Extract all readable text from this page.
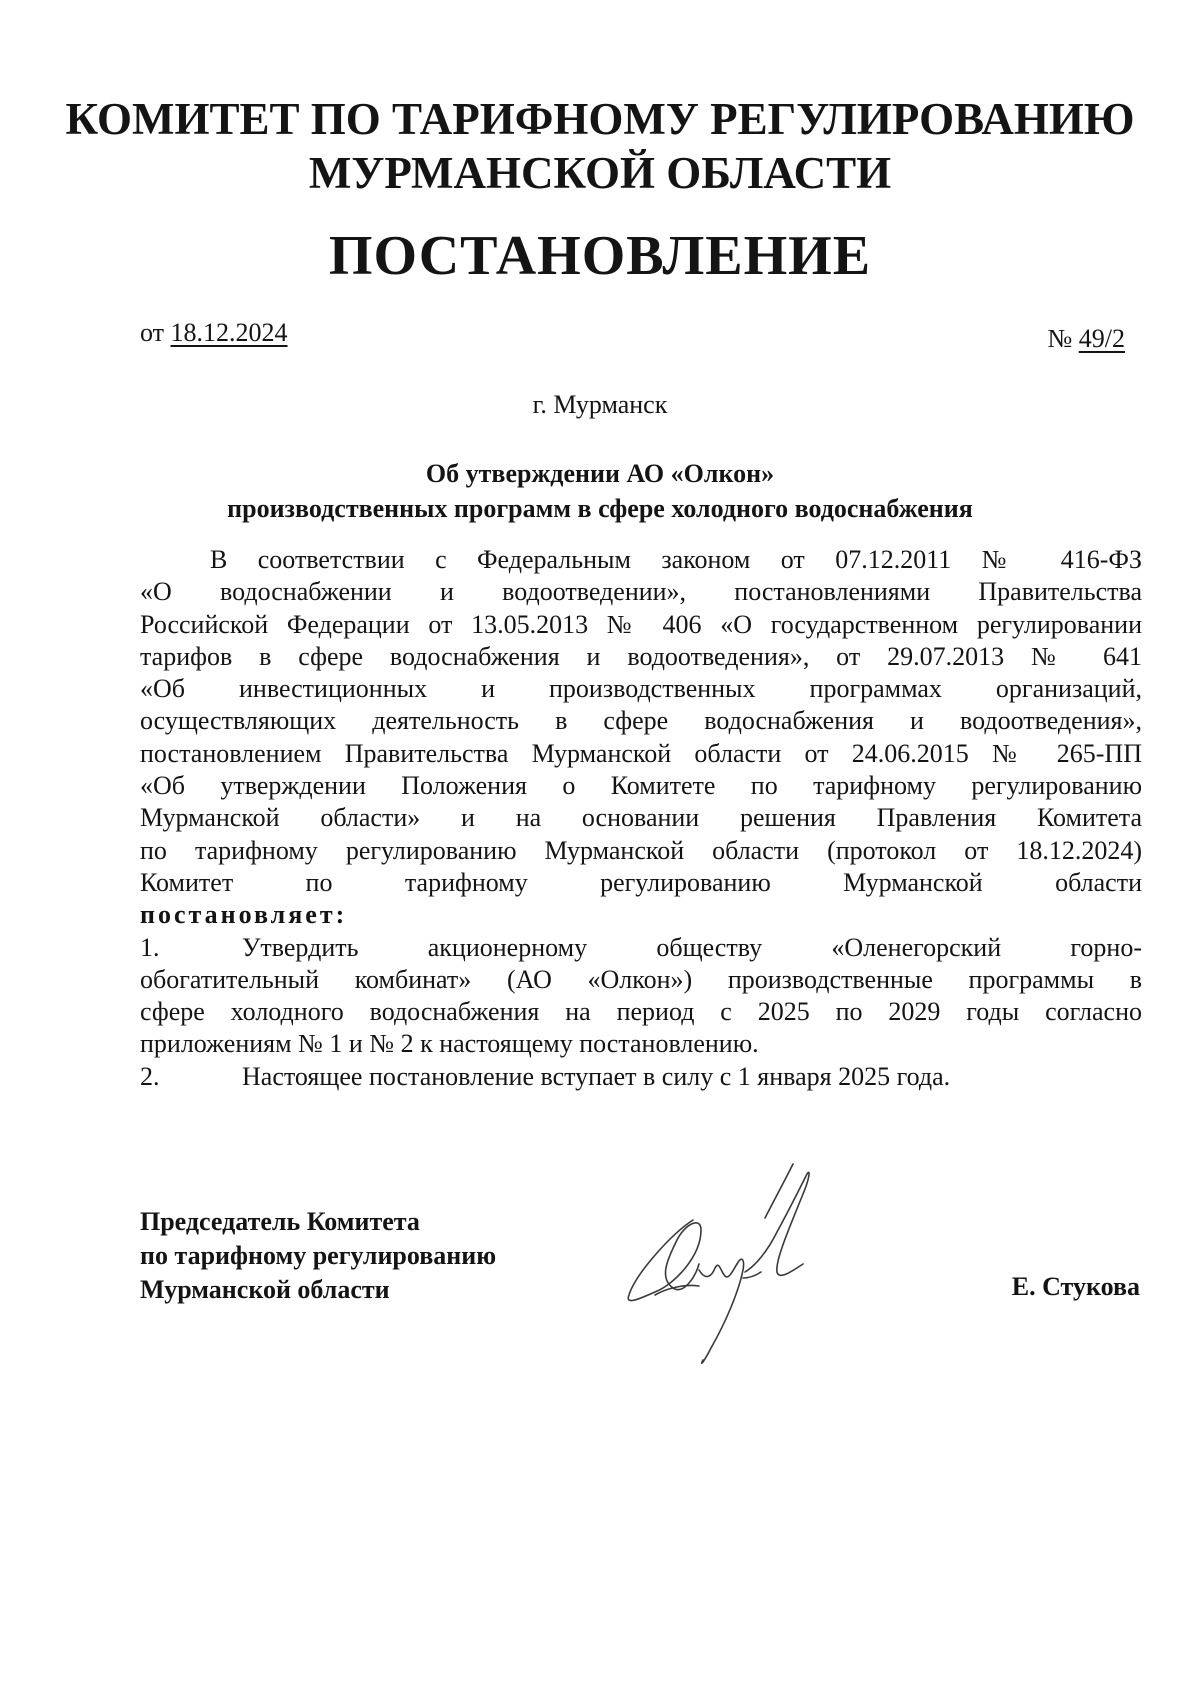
КОМИТЕТ ПО ТАРИФНОМУ РЕГУЛИРОВАНИЮ
МУРМАНСКОЙ ОБЛАСТИ
ПОСТАНОВЛЕНИЕ
от 18.12.2024	№ 49/2
г. Мурманск
Об утверждении АО «Олкон»
производственных программ в сфере холодного водоснабжения
В соответствии с Федеральным законом от 07.12.2011 № 416-ФЗ
«О водоснабжении и водоотведении», постановлениями Правительства
Российской Федерации от 13.05.2013 № 406 «О государственном регулировании
тарифов в сфере водоснабжения и водоотведения», от 29.07.2013 № 641
«Об инвестиционных и производственных программах организаций,
осуществляющих деятельность в сфере водоснабжения и водоотведения»,
постановлением Правительства Мурманской области от 24.06.2015 № 265-ПП
«Об утверждении Положения о Комитете по тарифному регулированию
Мурманской области» и на основании решения Правления Комитета
по тарифному регулированию Мурманской области (протокол от 18.12.2024)
Комитет по тарифному регулированию Мурманской области
постановляет:
1.	Утвердить акционерному обществу «Оленегорский горно-
обогатительный комбинат» (АО «Олкон») производственные программы в
сфере холодного водоснабжения на период с 2025 по 2029 годы согласно
приложениям № 1 и № 2 к настоящему постановлению.
2.	Настоящее постановление вступает в силу с 1 января 2025 года.
Председатель Комитета
по тарифному регулированию
Мурманской области	Е. Стукова
